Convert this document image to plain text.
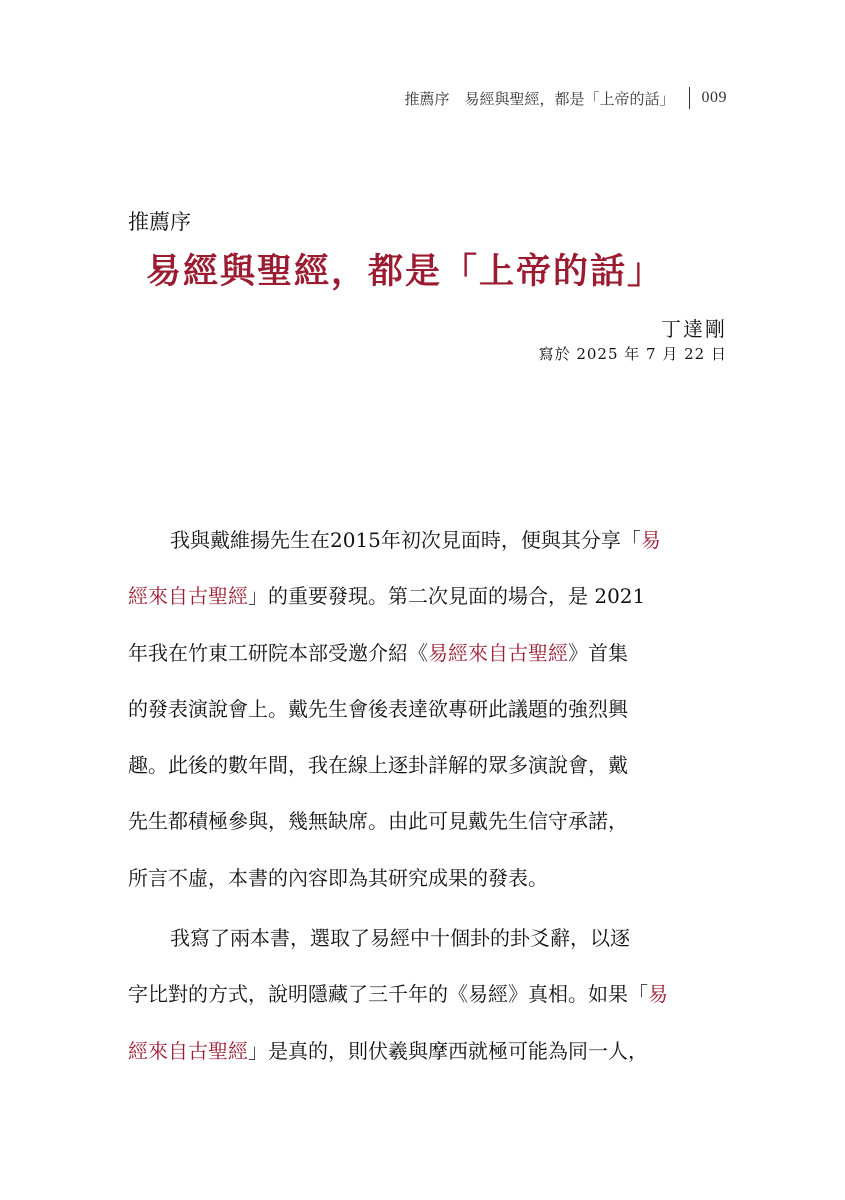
推薦序　易經與聖經，都是「上帝的話」 009
推薦序
易經與聖經，都是「上帝的話」
丁達剛
寫於 2025 年 7 月 22 日
我與戴維揚先生在2015年初次見面時，便與其分享「易
經來自古聖經」的重要發現。第二次見面的場合，是 2021
年我在竹東工研院本部受邀介紹《易經來自古聖經》首集
的發表演說會上。戴先生會後表達欲專研此議題的強烈興
趣。此後的數年間，我在線上逐卦詳解的眾多演說會，戴
先生都積極參與，幾無缺席。由此可見戴先生信守承諾，
所言不虛，本書的內容即為其研究成果的發表。
我寫了兩本書，選取了易經中十個卦的卦爻辭，以逐
字比對的方式，說明隱藏了三千年的《易經》真相。如果「易
經來自古聖經」是真的，則伏羲與摩西就極可能為同一人，
